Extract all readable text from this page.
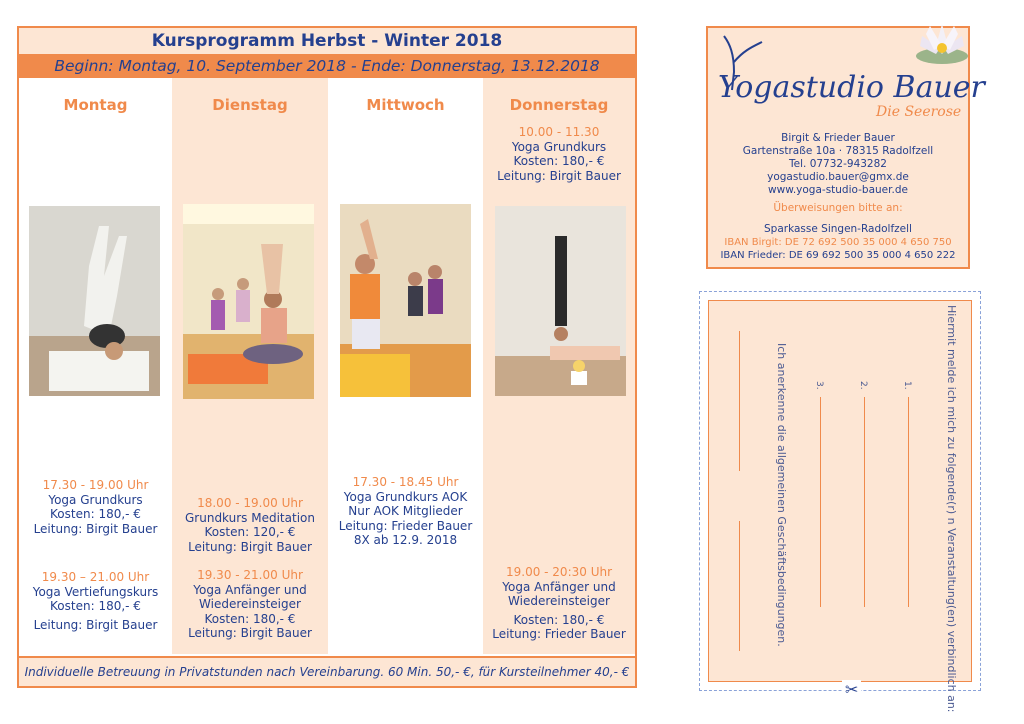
Kursprogramm Herbst - Winter 2018
Beginn: Montag, 10. September 2018 - Ende: Donnerstag, 13.12.2018
Montag
17.30 - 19.00 Uhr
Yoga Grundkurs
Kosten: 180,- €
Leitung: Birgit Bauer
19.30 – 21.00 Uhr
Yoga Vertiefungskurs
Kosten: 180,- €
Leitung: Birgit Bauer
Dienstag
18.00 - 19.00 Uhr
Grundkurs Meditation
Kosten: 120,- €
Leitung: Birgit Bauer
19.30 - 21.00 Uhr
Yoga Anfänger und
Wiedereinsteiger
Kosten: 180,- €
Leitung: Birgit Bauer
Mittwoch
17.30 - 18.45 Uhr
Yoga Grundkurs AOK
Nur AOK Mitglieder
Leitung: Frieder Bauer
8X ab 12.9. 2018
Donnerstag
10.00 - 11.30
Yoga Grundkurs
Kosten: 180,- €
Leitung: Birgit Bauer
19.00 - 20:30 Uhr
Yoga Anfänger und
Wiedereinsteiger
Kosten: 180,- €
Leitung: Frieder Bauer
Individuelle Betreuung in Privatstunden nach Vereinbarung. 60 Min. 50,- €, für Kursteilnehmer 40,- €
Yogastudio Bauer
Die Seerose
Birgit & Frieder Bauer
Gartenstraße 10a · 78315 Radolfzell
Tel. 07732-943282
yogastudio.bauer@gmx.de
www.yoga-studio-bauer.de
Überweisungen bitte an:
Sparkasse Singen-Radolfzell
IBAN Birgit: DE 72 692 500 35 000 4 650 750
IBAN Frieder: DE 69 692 500 35 000 4 650 222
Hiermit melde ich mich zu folgende(r) n Veranstaltung(en) verbindlich an:
1.
2.
3.
Ich anerkenne die allgemeinen Geschäftsbedingungen.
✂
